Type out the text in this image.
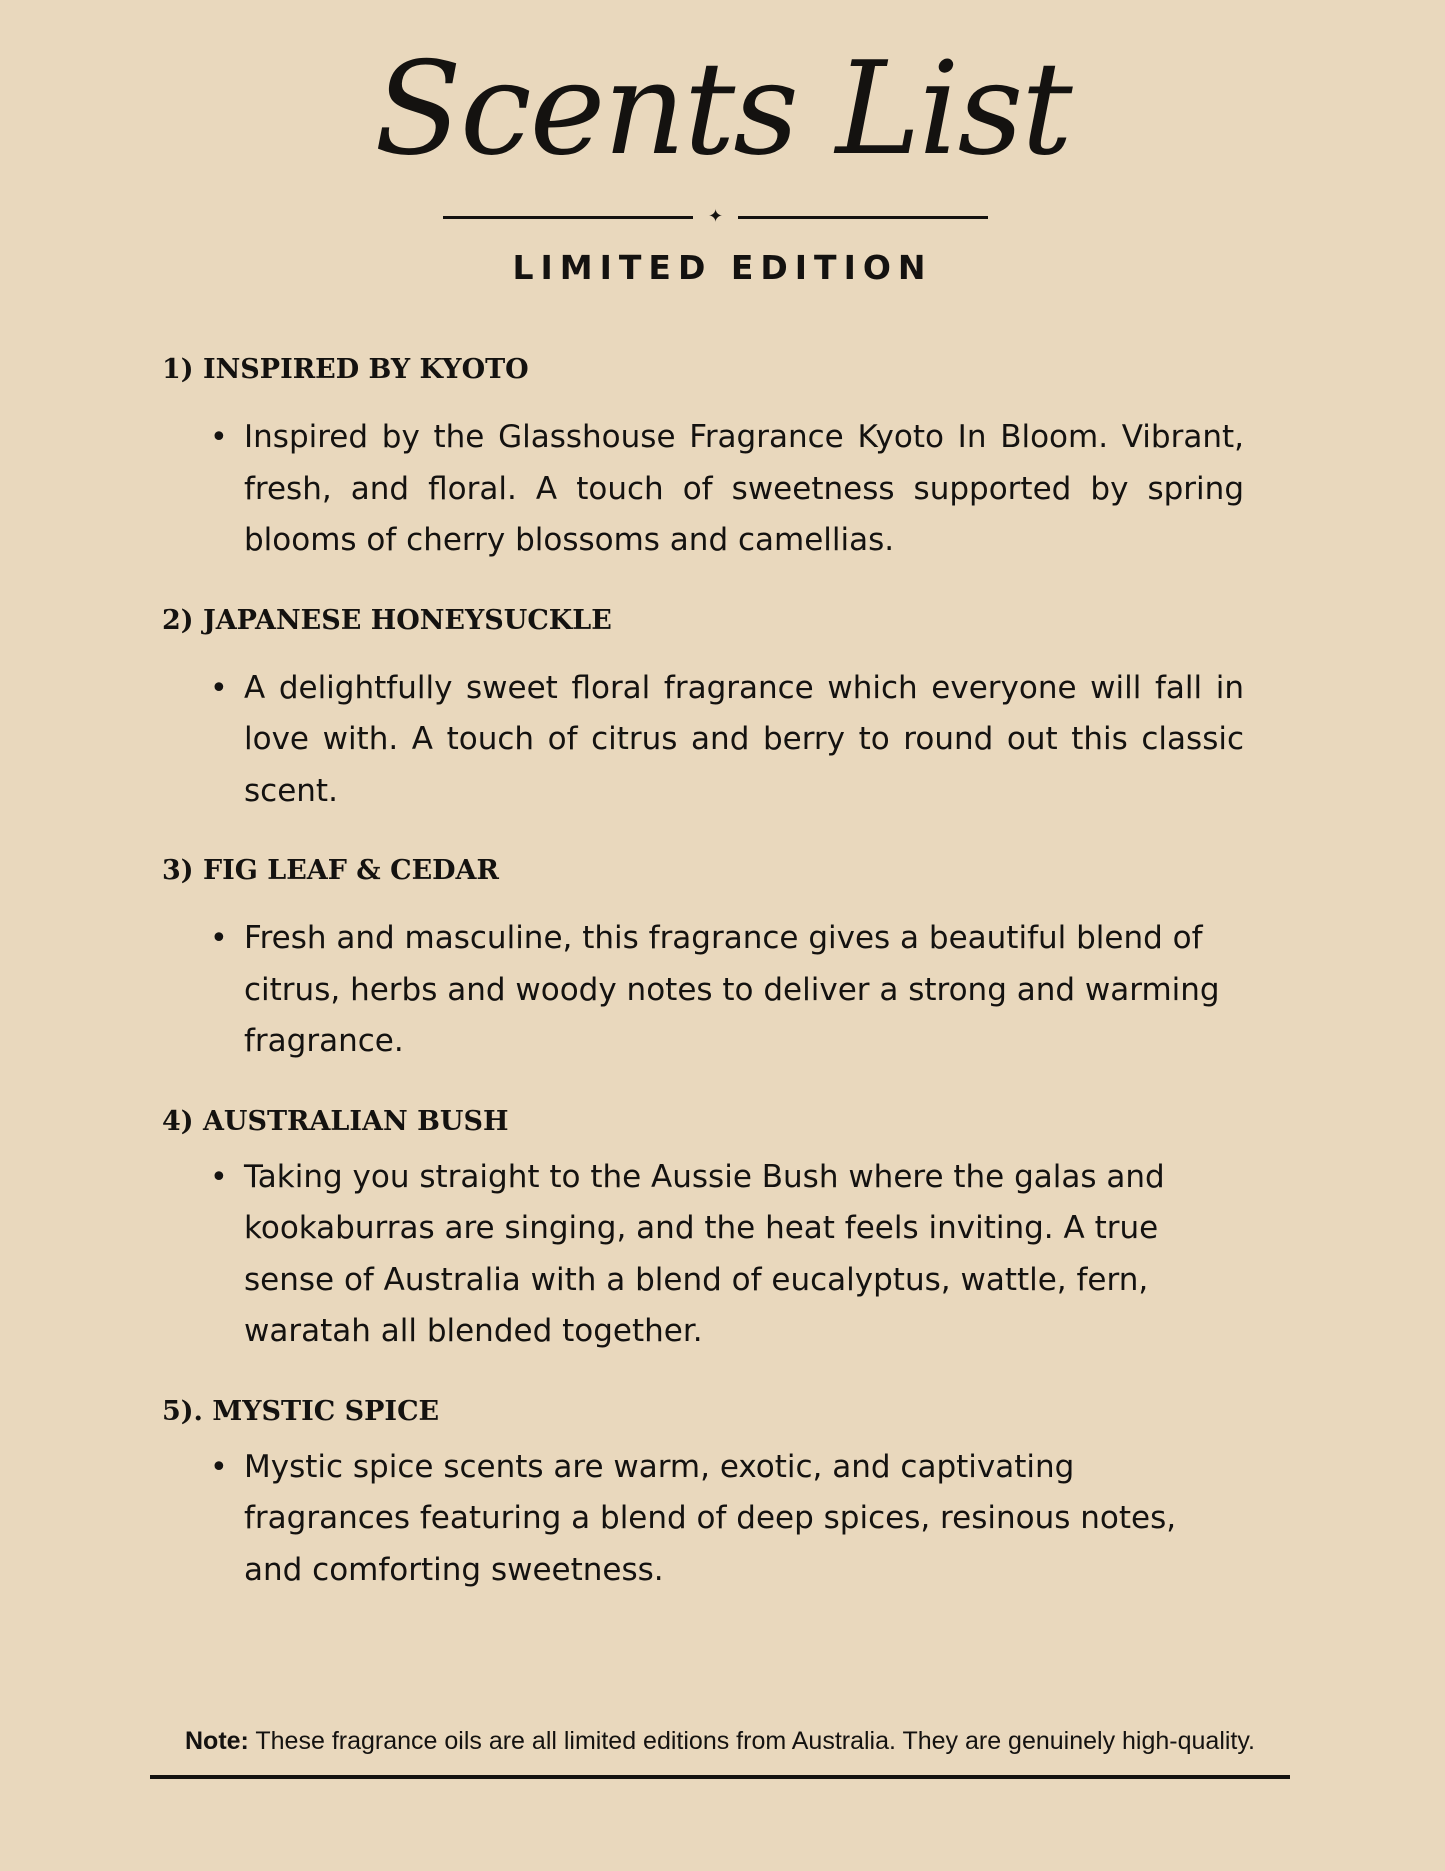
Scents List
✦
LIMITED EDITION
1) INSPIRED BY KYOTO
• Inspired by the Glasshouse Fragrance Kyoto In Bloom. Vibrant, fresh, and floral. A touch of sweetness supported by spring blooms of cherry blossoms and camellias.
2) JAPANESE HONEYSUCKLE
• A delightfully sweet floral fragrance which everyone will fall in love with. A touch of citrus and berry to round out this classic scent.
3) FIG LEAF & CEDAR
• Fresh and masculine, this fragrance gives a beautiful blend of citrus, herbs and woody notes to deliver a strong and warming fragrance.
4) AUSTRALIAN BUSH
• Taking you straight to the Aussie Bush where the galas and kookaburras are singing, and the heat feels inviting. A true sense of Australia with a blend of eucalyptus, wattle, fern, waratah all blended together.
5). MYSTIC SPICE
• Mystic spice scents are warm, exotic, and captivating fragrances featuring a blend of deep spices, resinous notes, and comforting sweetness.
Note: These fragrance oils are all limited editions from Australia. They are genuinely high-quality.
